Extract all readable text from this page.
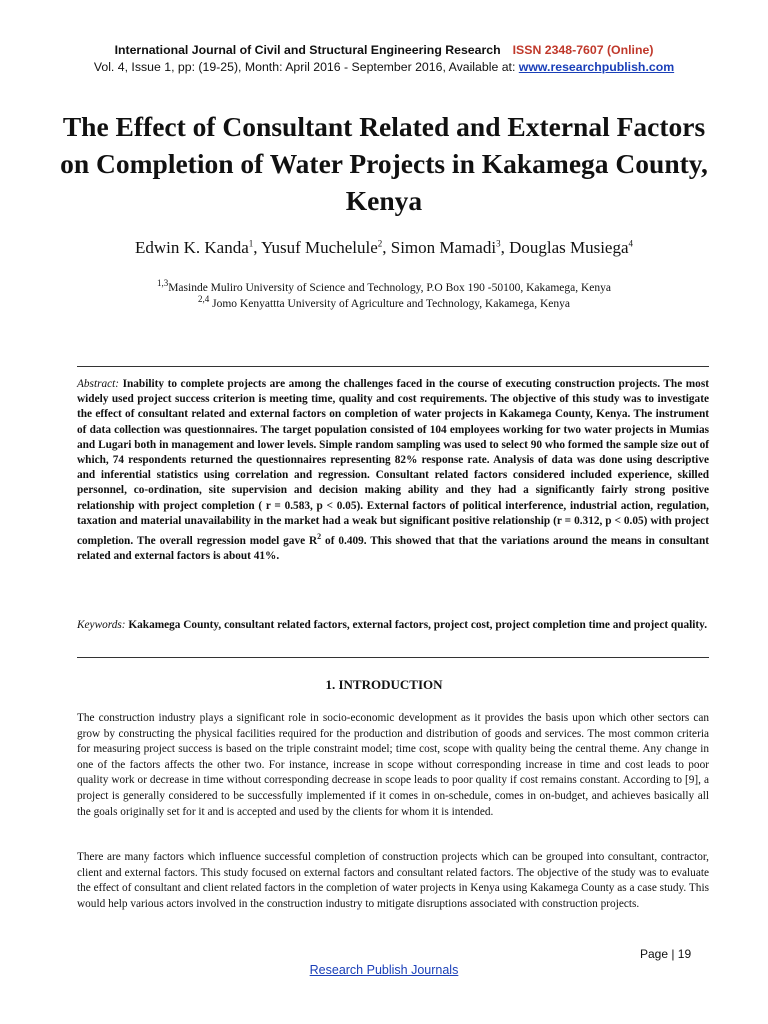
International Journal of Civil and Structural Engineering Research ISSN 2348-7607 (Online)
Vol. 4, Issue 1, pp: (19-25), Month: April 2016 - September 2016, Available at: www.researchpublish.com
The Effect of Consultant Related and External Factors on Completion of Water Projects in Kakamega County, Kenya
Edwin K. Kanda$^1$, Yusuf Muchelule$^2$, Simon Mamadi$^3$, Douglas Musiega$^4$
$^{1,3}$Masinde Muliro University of Science and Technology, P.O Box 190 -50100, Kakamega, Kenya
$^{2,4}$ Jomo Kenyattta University of Agriculture and Technology, Kakamega, Kenya
Abstract: Inability to complete projects are among the challenges faced in the course of executing construction projects. The most widely used project success criterion is meeting time, quality and cost requirements. The objective of this study was to investigate the effect of consultant related and external factors on completion of water projects in Kakamega County, Kenya. The instrument of data collection was questionnaires. The target population consisted of 104 employees working for two water projects in Mumias and Lugari both in management and lower levels. Simple random sampling was used to select 90 who formed the sample size out of which, 74 respondents returned the questionnaires representing 82% response rate. Analysis of data was done using descriptive and inferential statistics using correlation and regression. Consultant related factors considered included experience, skilled personnel, co-ordination, site supervision and decision making ability and they had a significantly fairly strong positive relationship with project completion ( r = 0.583, p < 0.05). External factors of political interference, industrial action, regulation, taxation and material unavailability in the market had a weak but significant positive relationship (r = 0.312, p < 0.05) with project completion. The overall regression model gave $R^2$ of 0.409. This showed that that the variations around the means in consultant related and external factors is about 41%.
Keywords: Kakamega County, consultant related factors, external factors, project cost, project completion time and project quality.
1. INTRODUCTION
The construction industry plays a significant role in socio-economic development as it provides the basis upon which other sectors can grow by constructing the physical facilities required for the production and distribution of goods and services. The most common criteria for measuring project success is based on the triple constraint model; time cost, scope with quality being the central theme. Any change in one of the factors affects the other two. For instance, increase in scope without corresponding increase in time and cost leads to poor quality work or decrease in time without corresponding decrease in scope leads to poor quality if cost remains constant. According to [9], a project is generally considered to be successfully implemented if it comes in on-schedule, comes in on-budget, and achieves basically all the goals originally set for it and is accepted and used by the clients for whom it is intended.
There are many factors which influence successful completion of construction projects which can be grouped into consultant, contractor, client and external factors. This study focused on external factors and consultant related factors. The objective of the study was to evaluate the effect of consultant and client related factors in the completion of water projects in Kenya using Kakamega County as a case study. This would help various actors involved in the construction industry to mitigate disruptions associated with construction projects.
Page | 19
Research Publish Journals
